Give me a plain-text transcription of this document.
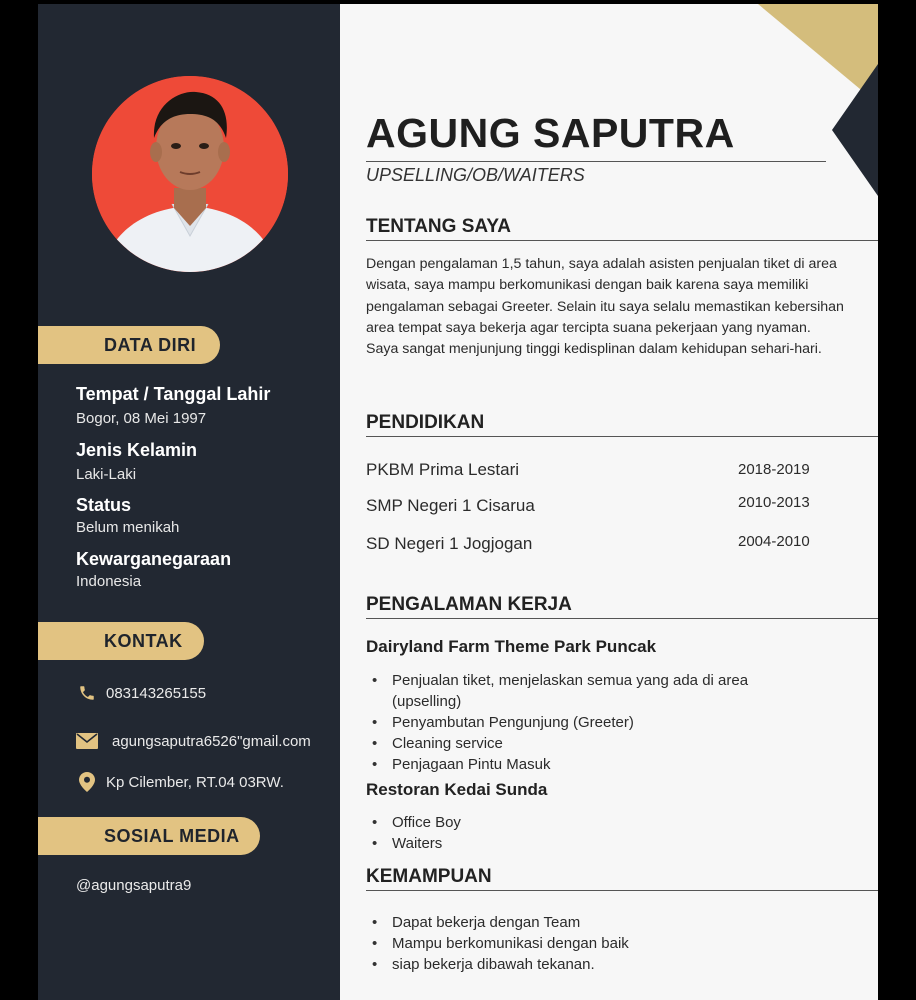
DATA DIRI
Tempat / Tanggal Lahir
Bogor, 08 Mei 1997
Jenis Kelamin
Laki-Laki
Status
Belum menikah
Kewarganegaraan
Indonesia
KONTAK
083143265155
agungsaputra6526"gmail.com
Kp Cilember, RT.04 03RW.
SOSIAL MEDIA
@agungsaputra9
AGUNG SAPUTRA
UPSELLING/OB/WAITERS
TENTANG SAYA

Dengan pengalaman 1,5 tahun, saya adalah asisten penjualan tiket di area wisata, saya mampu berkomunikasi dengan baik karena saya memiliki pengalaman sebagai Greeter. Selain itu saya selalu memastikan kebersihan area tempat saya bekerja agar tercipta suana pekerjaan yang nyaman.
Saya sangat menjunjung tinggi kedisplinan dalam kehidupan sehari-hari.

PENDIDIKAN
PKBM Prima Lestari	2018-2019
SMP Negeri 1 Cisarua	2010-2013
SD Negeri 1 Jogjogan	2004-2010
PENGALAMAN KERJA
Dairyland Farm Theme Park Puncak
• Penjualan tiket, menjelaskan semua yang ada di area (upselling)
• Penyambutan Pengunjung (Greeter)
• Cleaning service
• Penjagaan Pintu Masuk
Restoran Kedai Sunda
• Office Boy
• Waiters
KEMAMPUAN
• Dapat bekerja dengan Team
• Mampu berkomunikasi dengan baik
• siap bekerja dibawah tekanan.
